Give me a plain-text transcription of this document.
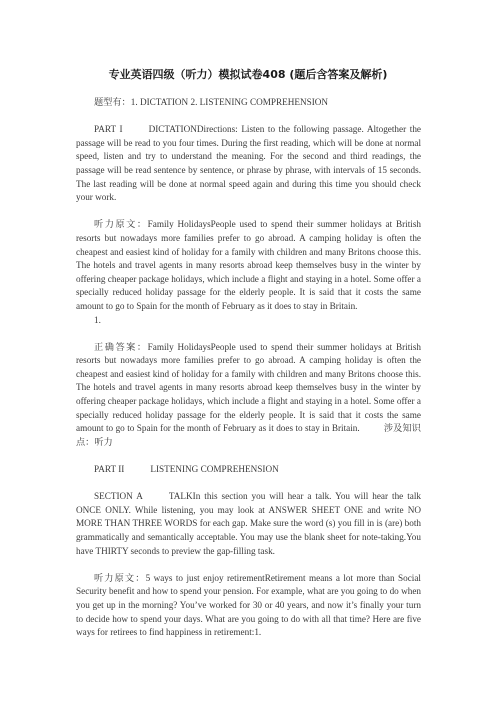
专业英语四级（听力）模拟试卷408 (题后含答案及解析)

题型有：1. DICTATION 2. LISTENING COMPREHENSION

PART I	DICTATIONDirections: Listen to the following passage. Altogether the passage will be read to you four times. During the first reading, which will be done at normal speed, listen and try to understand the meaning. For the second and third readings, the passage will be read sentence by sentence, or phrase by phrase, with intervals of 15 seconds. The last reading will be done at normal speed again and during this time you should check your work.

听力原文：Family HolidaysPeople used to spend their summer holidays at British resorts but nowadays more families prefer to go abroad. A camping holiday is often the cheapest and easiest kind of holiday for a family with children and many Britons choose this. The hotels and travel agents in many resorts abroad keep themselves busy in the winter by offering cheaper package holidays, which include a flight and staying in a hotel. Some offer a specially reduced holiday passage for the elderly people. It is said that it costs the same amount to go to Spain for the month of February as it does to stay in Britain.

1.

正确答案：Family HolidaysPeople used to spend their summer holidays at British resorts but nowadays more families prefer to go abroad. A camping holiday is often the cheapest and easiest kind of holiday for a family with children and many Britons choose this. The hotels and travel agents in many resorts abroad keep themselves busy in the winter by offering cheaper package holidays, which include a flight and staying in a hotel. Some offer a specially reduced holiday passage for the elderly people. It is said that it costs the same amount to go to Spain for the month of February as it does to stay in Britain.	涉及知识点：听力

PART II	LISTENING COMPREHENSION

SECTION A	TALKIn this section you will hear a talk. You will hear the talk ONCE ONLY. While listening, you may look at ANSWER SHEET ONE and write NO MORE THAN THREE WORDS for each gap. Make sure the word (s) you fill in is (are) both grammatically and semantically acceptable. You may use the blank sheet for note-taking.You have THIRTY seconds to preview the gap-filling task.

听力原文：5 ways to just enjoy retirementRetirement means a lot more than Social Security benefit and how to spend your pension. For example, what are you going to do when you get up in the morning? You’ve worked for 30 or 40 years, and now it’s finally your turn to decide how to spend your days. What are you going to do with all that time? Here are five ways for retirees to find happiness in retirement:1.
